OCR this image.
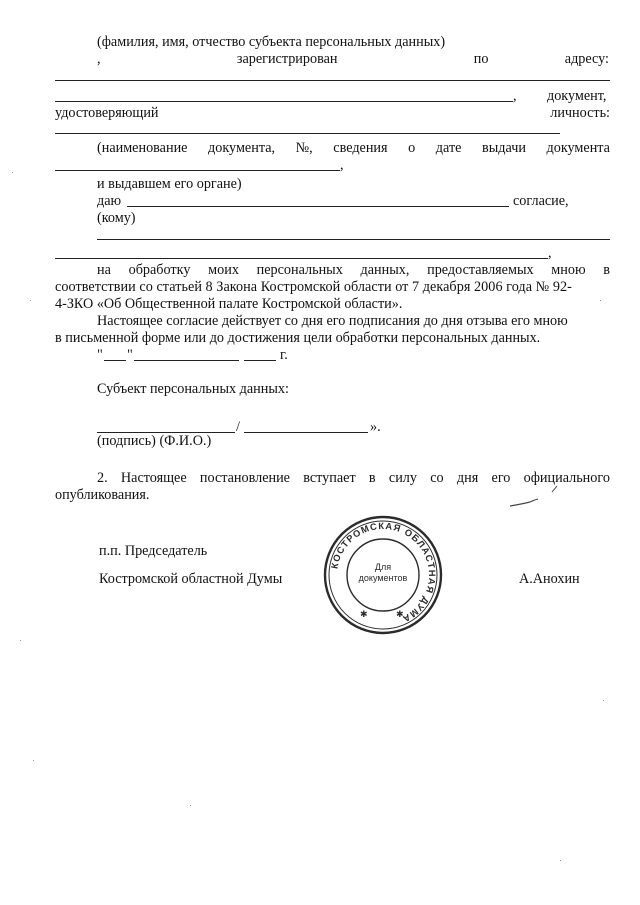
(фамилия, имя, отчество субъекта персональных данных)
,	зарегистрирован	по	адресу:
, документ,
удостоверяющий	личность:
(наименование документа, №, сведения о дате выдачи документа
,
и выдавшем его органе)
даю	согласие,
(кому)
,
на обработку моих персональных данных, предоставляемых мною в
соответствии со статьей 8 Закона Костромской области от 7 декабря 2006 года № 92-
4-ЗКО «Об Общественной палате Костромской области».
Настоящее согласие действует со дня его подписания до дня отзыва его мною
в письменной форме или до достижения цели обработки персональных данных.
" "	г.
Субъект персональных данных:
/	».
(подпись) (Ф.И.О.)
2. Настоящее постановление вступает в силу со дня его официального
опубликования.
п.п. Председатель
Костромской областной Думы	А.Анохин
КОСТРОМСКАЯ ОБЛАСТНАЯ ДУМА
✱	✱
Для
документов
